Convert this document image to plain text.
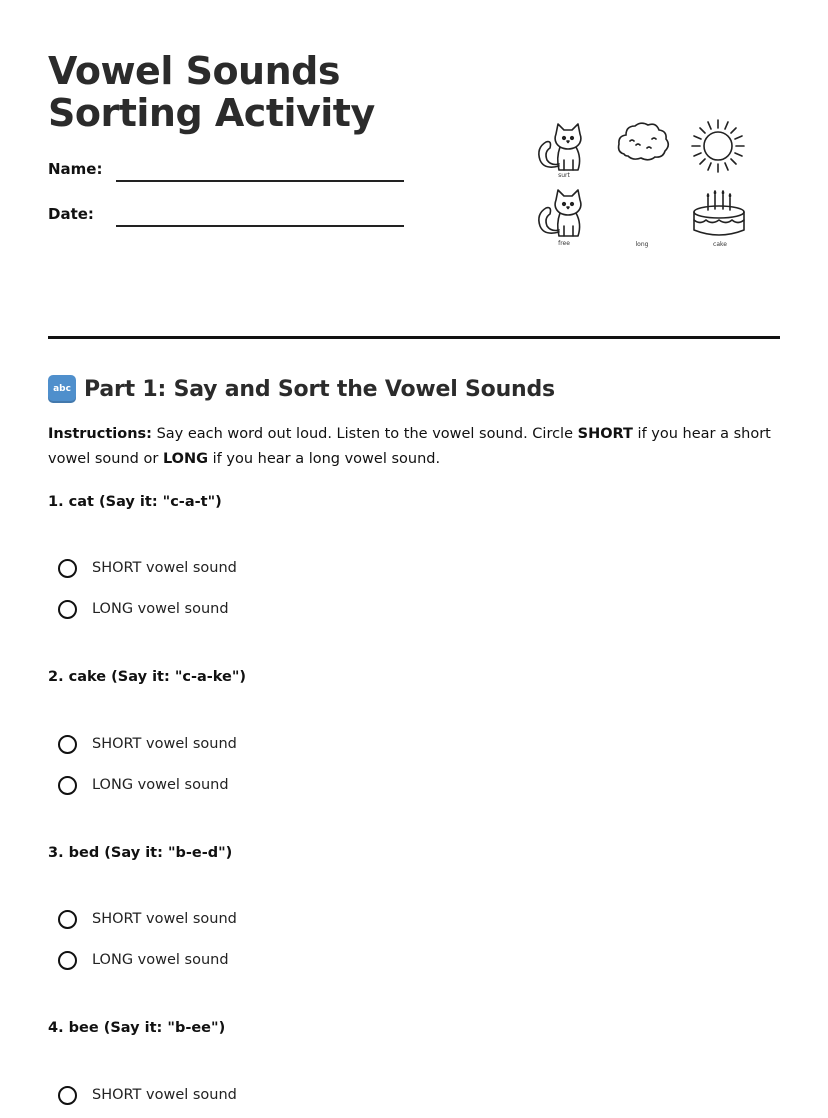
Vowel Sounds Sorting Activity
Name:
Date:
surt
free	long	cake
abc Part 1: Say and Sort the Vowel Sounds

Instructions: Say each word out loud. Listen to the vowel sound. Circle SHORT if you hear a short vowel sound or LONG if you hear a long vowel sound.

1. cat (Say it: "c-a-t")

SHORT vowel sound
LONG vowel sound

2. cake (Say it: "c-a-ke")

SHORT vowel sound
LONG vowel sound

3. bed (Say it: "b-e-d")

SHORT vowel sound
LONG vowel sound

4. bee (Say it: "b-ee")

SHORT vowel sound
